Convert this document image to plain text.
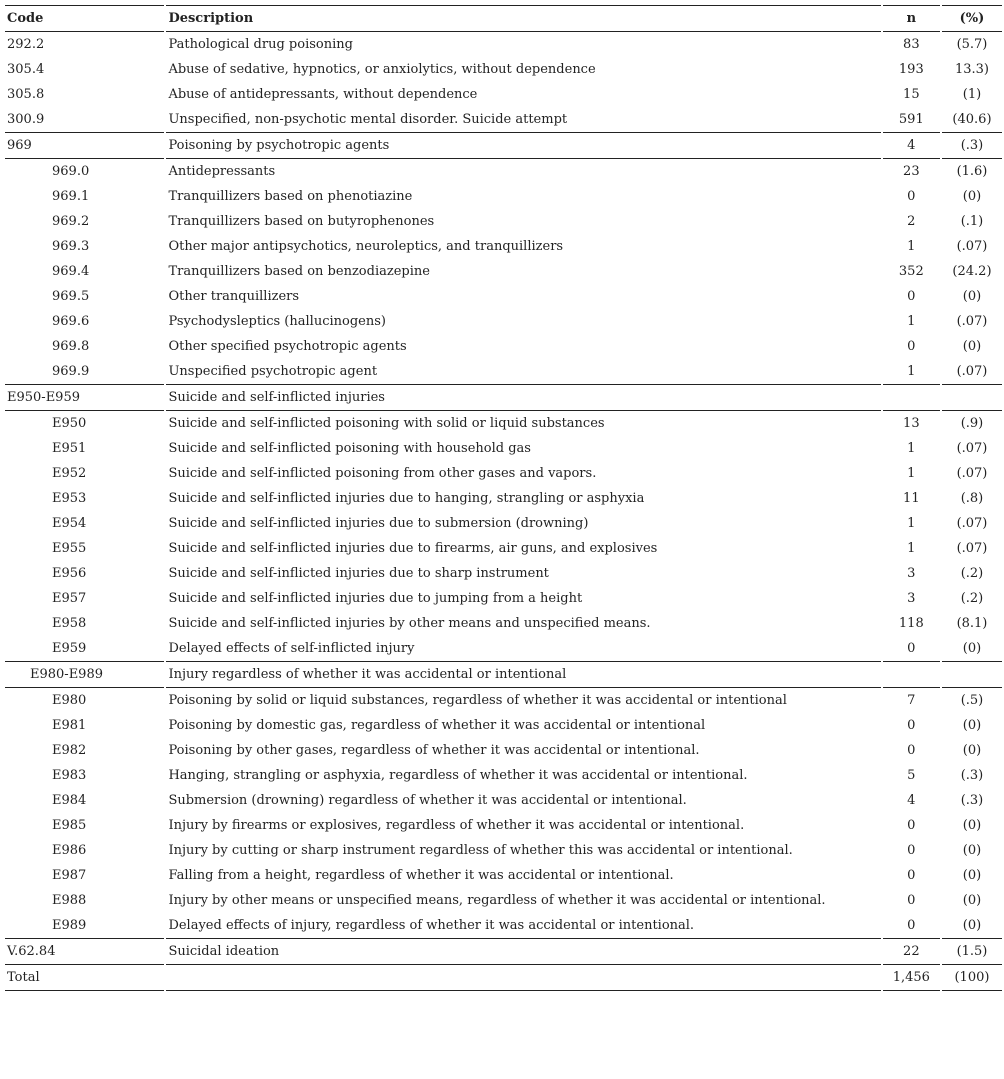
Code	Description	n	(%)
292.2	Pathological drug poisoning	83	(5.7)
305.4	Abuse of sedative, hypnotics, or anxiolytics, without dependence	193	13.3)
305.8	Abuse of antidepressants, without dependence	15	(1)
300.9	Unspecified, non-psychotic mental disorder. Suicide attempt	591	(40.6)
969	Poisoning by psychotropic agents	4	(.3)
969.0	Antidepressants	23	(1.6)
969.1	Tranquillizers based on phenotiazine	0	(0)
969.2	Tranquillizers based on butyrophenones	2	(.1)
969.3	Other major antipsychotics, neuroleptics, and tranquillizers	1	(.07)
969.4	Tranquillizers based on benzodiazepine	352	(24.2)
969.5	Other tranquillizers	0	(0)
969.6	Psychodysleptics (hallucinogens)	1	(.07)
969.8	Other specified psychotropic agents	0	(0)
969.9	Unspecified psychotropic agent	1	(.07)
E950-E959	Suicide and self-inflicted injuries		
E950	Suicide and self-inflicted poisoning with solid or liquid substances	13	(.9)
E951	Suicide and self-inflicted poisoning with household gas	1	(.07)
E952	Suicide and self-inflicted poisoning from other gases and vapors.	1	(.07)
E953	Suicide and self-inflicted injuries due to hanging, strangling or asphyxia	11	(.8)
E954	Suicide and self-inflicted injuries due to submersion (drowning)	1	(.07)
E955	Suicide and self-inflicted injuries due to firearms, air guns, and explosives	1	(.07)
E956	Suicide and self-inflicted injuries due to sharp instrument	3	(.2)
E957	Suicide and self-inflicted injuries due to jumping from a height	3	(.2)
E958	Suicide and self-inflicted injuries by other means and unspecified means.	118	(8.1)
E959	Delayed effects of self-inflicted injury	0	(0)
E980-E989	Injury regardless of whether it was accidental or intentional		
E980	Poisoning by solid or liquid substances, regardless of whether it was accidental or intentional	7	(.5)
E981	Poisoning by domestic gas, regardless of whether it was accidental or intentional	0	(0)
E982	Poisoning by other gases, regardless of whether it was accidental or intentional.	0	(0)
E983	Hanging, strangling or asphyxia, regardless of whether it was accidental or intentional.	5	(.3)
E984	Submersion (drowning) regardless of whether it was accidental or intentional.	4	(.3)
E985	Injury by firearms or explosives, regardless of whether it was accidental or intentional.	0	(0)
E986	Injury by cutting or sharp instrument regardless of whether this was accidental or intentional.	0	(0)
E987	Falling from a height, regardless of whether it was accidental or intentional.	0	(0)
E988	Injury by other means or unspecified means, regardless of whether it was accidental or intentional.	0	(0)
E989	Delayed effects of injury, regardless of whether it was accidental or intentional.	0	(0)
V.62.84	Suicidal ideation	22	(1.5)
Total		1,456	(100)
